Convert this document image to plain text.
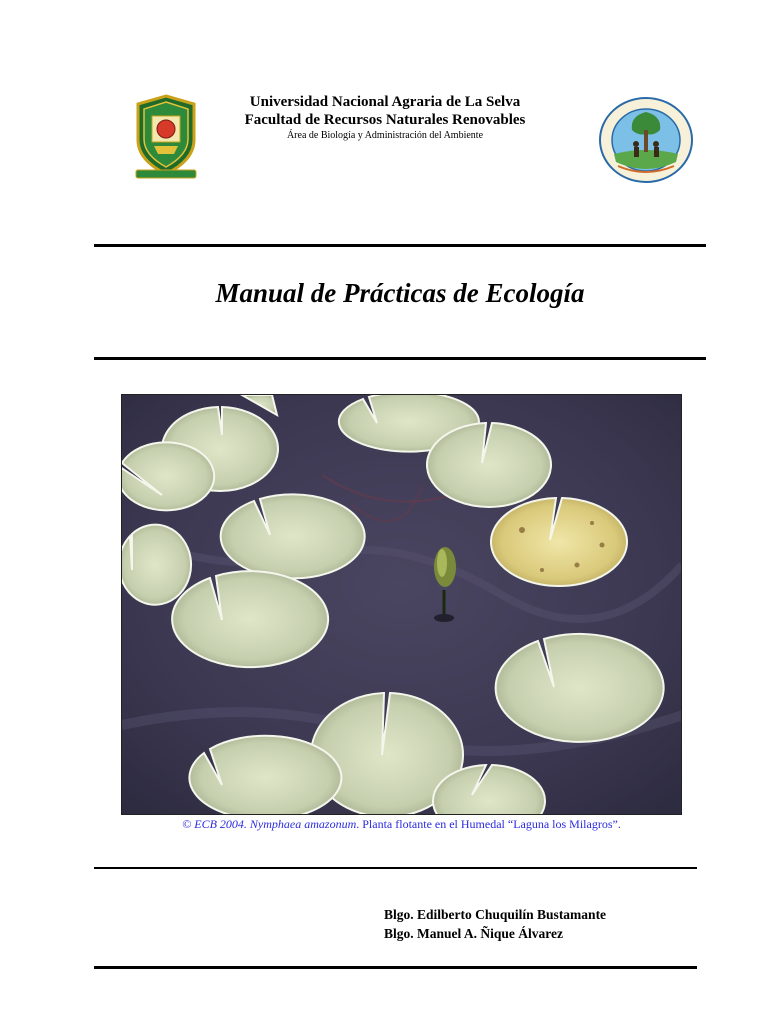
Universidad Nacional Agraria de La Selva

Facultad de Recursos Naturales Renovables

Área de Biología y Administración del Ambiente

Manual de Prácticas de Ecología
© ECB 2004. Nymphaea amazonum. Planta flotante en el Humedal “Laguna los Milagros”.
Blgo. Edilberto Chuquilín Bustamante
Blgo. Manuel A. Ñique Álvarez
